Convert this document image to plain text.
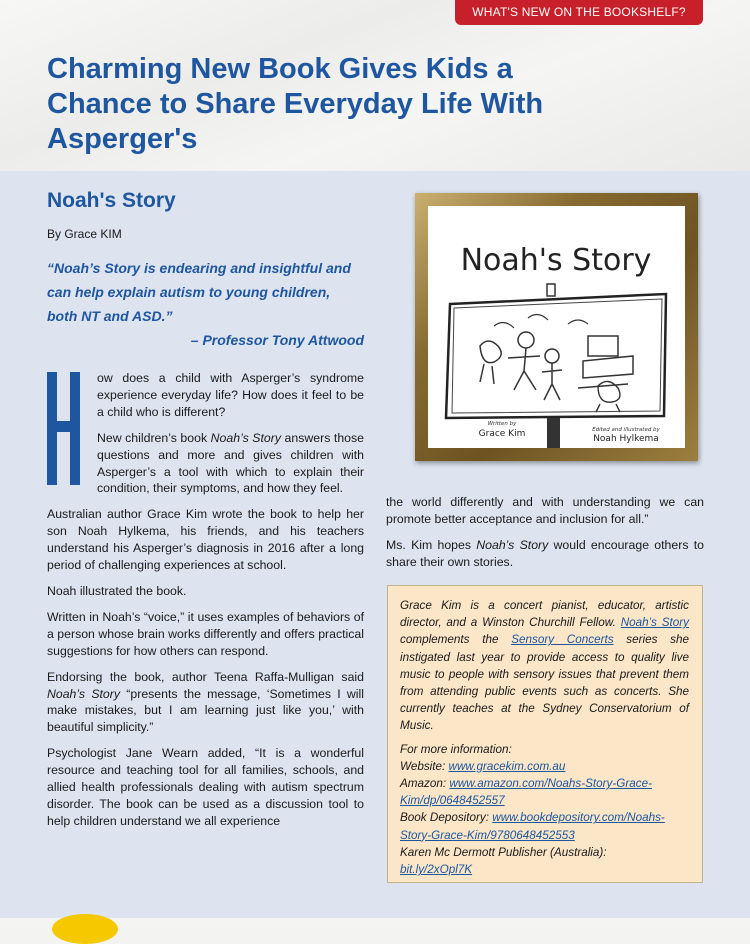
WHAT'S NEW ON THE BOOKSHELF?
Charming New Book Gives Kids a Chance to Share Everyday Life With Asperger's
Noah's Story
By Grace KIM
“Noah’s Story is endearing and insightful and can help explain autism to young children, both NT and ASD.”
– Professor Tony Attwood

ow does a child with Asperger’s syndrome experience everyday life? How does it feel to be a child who is different?

New children’s book Noah’s Story answers those questions and more and gives children with Asperger’s a tool with which to explain their condition, their symptoms, and how they feel.

Australian author Grace Kim wrote the book to help her son Noah Hylkema, his friends, and his teachers understand his Asperger’s diagnosis in 2016 after a long period of challenging experiences at school.

Noah illustrated the book.

Written in Noah’s “voice,” it uses examples of behaviors of a person whose brain works differently and offers practical suggestions for how others can respond.

Endorsing the book, author Teena Raffa-Mulligan said Noah’s Story “presents the message, ‘Sometimes I will make mistakes, but I am learning just like you,’ with beautiful simplicity.”

Psychologist Jane Wearn added, “It is a wonderful resource and teaching tool for all families, schools, and allied health professionals dealing with autism spectrum disorder. The book can be used as a discussion tool to help children understand we all experience

Noah's Story
Written by
Grace Kim	Edited and illustrated by
Noah Hylkema

the world differently and with understanding we can promote better acceptance and inclusion for all.”

Ms. Kim hopes Noah’s Story would encourage others to share their own stories.

Grace Kim is a concert pianist, educator, artistic director, and a Winston Churchill Fellow. Noah’s Story complements the Sensory Concerts series she instigated last year to provide access to quality live music to people with sensory issues that prevent them from attending public events such as concerts. She currently teaches at the Sydney Conservatorium of Music.

For more information:

Website: www.gracekim.com.au

Amazon: www.amazon.com/Noahs-Story-Grace-Kim/dp/0648452557

Book Depository: www.bookdepository.com/Noahs-Story-Grace-Kim/9780648452553

Karen Mc Dermott Publisher (Australia):

bit.ly/2xOpl7K
